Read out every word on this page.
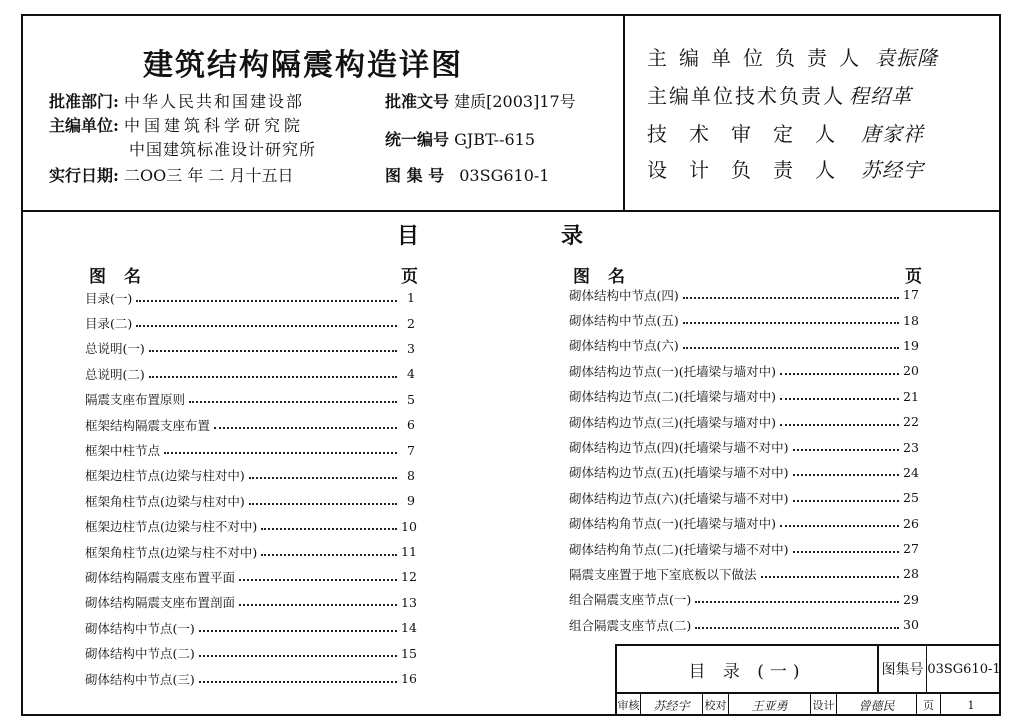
建筑结构隔震构造详图
批准部门: 中华人民共和国建设部
主编单位: 中国建筑科学研究院
中国建筑标准设计研究所
实行日期: 二OO三 年 二 月十五日
批准文号 建质[2003]17号
统一编号 GJBT--615
图 集 号 03SG610-1
主编单位负责人 袁振隆
主编单位技术负责人 程绍革
技术审定人 唐家祥
设计负责人 苏经宇
目	录
图名	页	图名	页
目录(一)	1
目录(二)	2
总说明(一)	3
总说明(二)	4
隔震支座布置原则	5
框架结构隔震支座布置	6
框架中柱节点	7
框架边柱节点(边梁与柱对中)	8
框架角柱节点(边梁与柱对中)	9
框架边柱节点(边梁与柱不对中)	10
框架角柱节点(边梁与柱不对中)	11
砌体结构隔震支座布置平面	12
砌体结构隔震支座布置剖面	13
砌体结构中节点(一)	14
砌体结构中节点(二)	15
砌体结构中节点(三)	16
砌体结构中节点(四)	17
砌体结构中节点(五)	18
砌体结构中节点(六)	19
砌体结构边节点(一)(托墙梁与墙对中)	20
砌体结构边节点(二)(托墙梁与墙对中)	21
砌体结构边节点(三)(托墙梁与墙对中)	22
砌体结构边节点(四)(托墙梁与墙不对中)	23
砌体结构边节点(五)(托墙梁与墙不对中)	24
砌体结构边节点(六)(托墙梁与墙不对中)	25
砌体结构角节点(一)(托墙梁与墙对中)	26
砌体结构角节点(二)(托墙梁与墙不对中)	27
隔震支座置于地下室底板以下做法	28
组合隔震支座节点(一)	29
组合隔震支座节点(二)	30
目 录 (一)	图集号 03SG610-1
审核 苏经宇 校对 王亚勇 设计 曾德民	页	1
